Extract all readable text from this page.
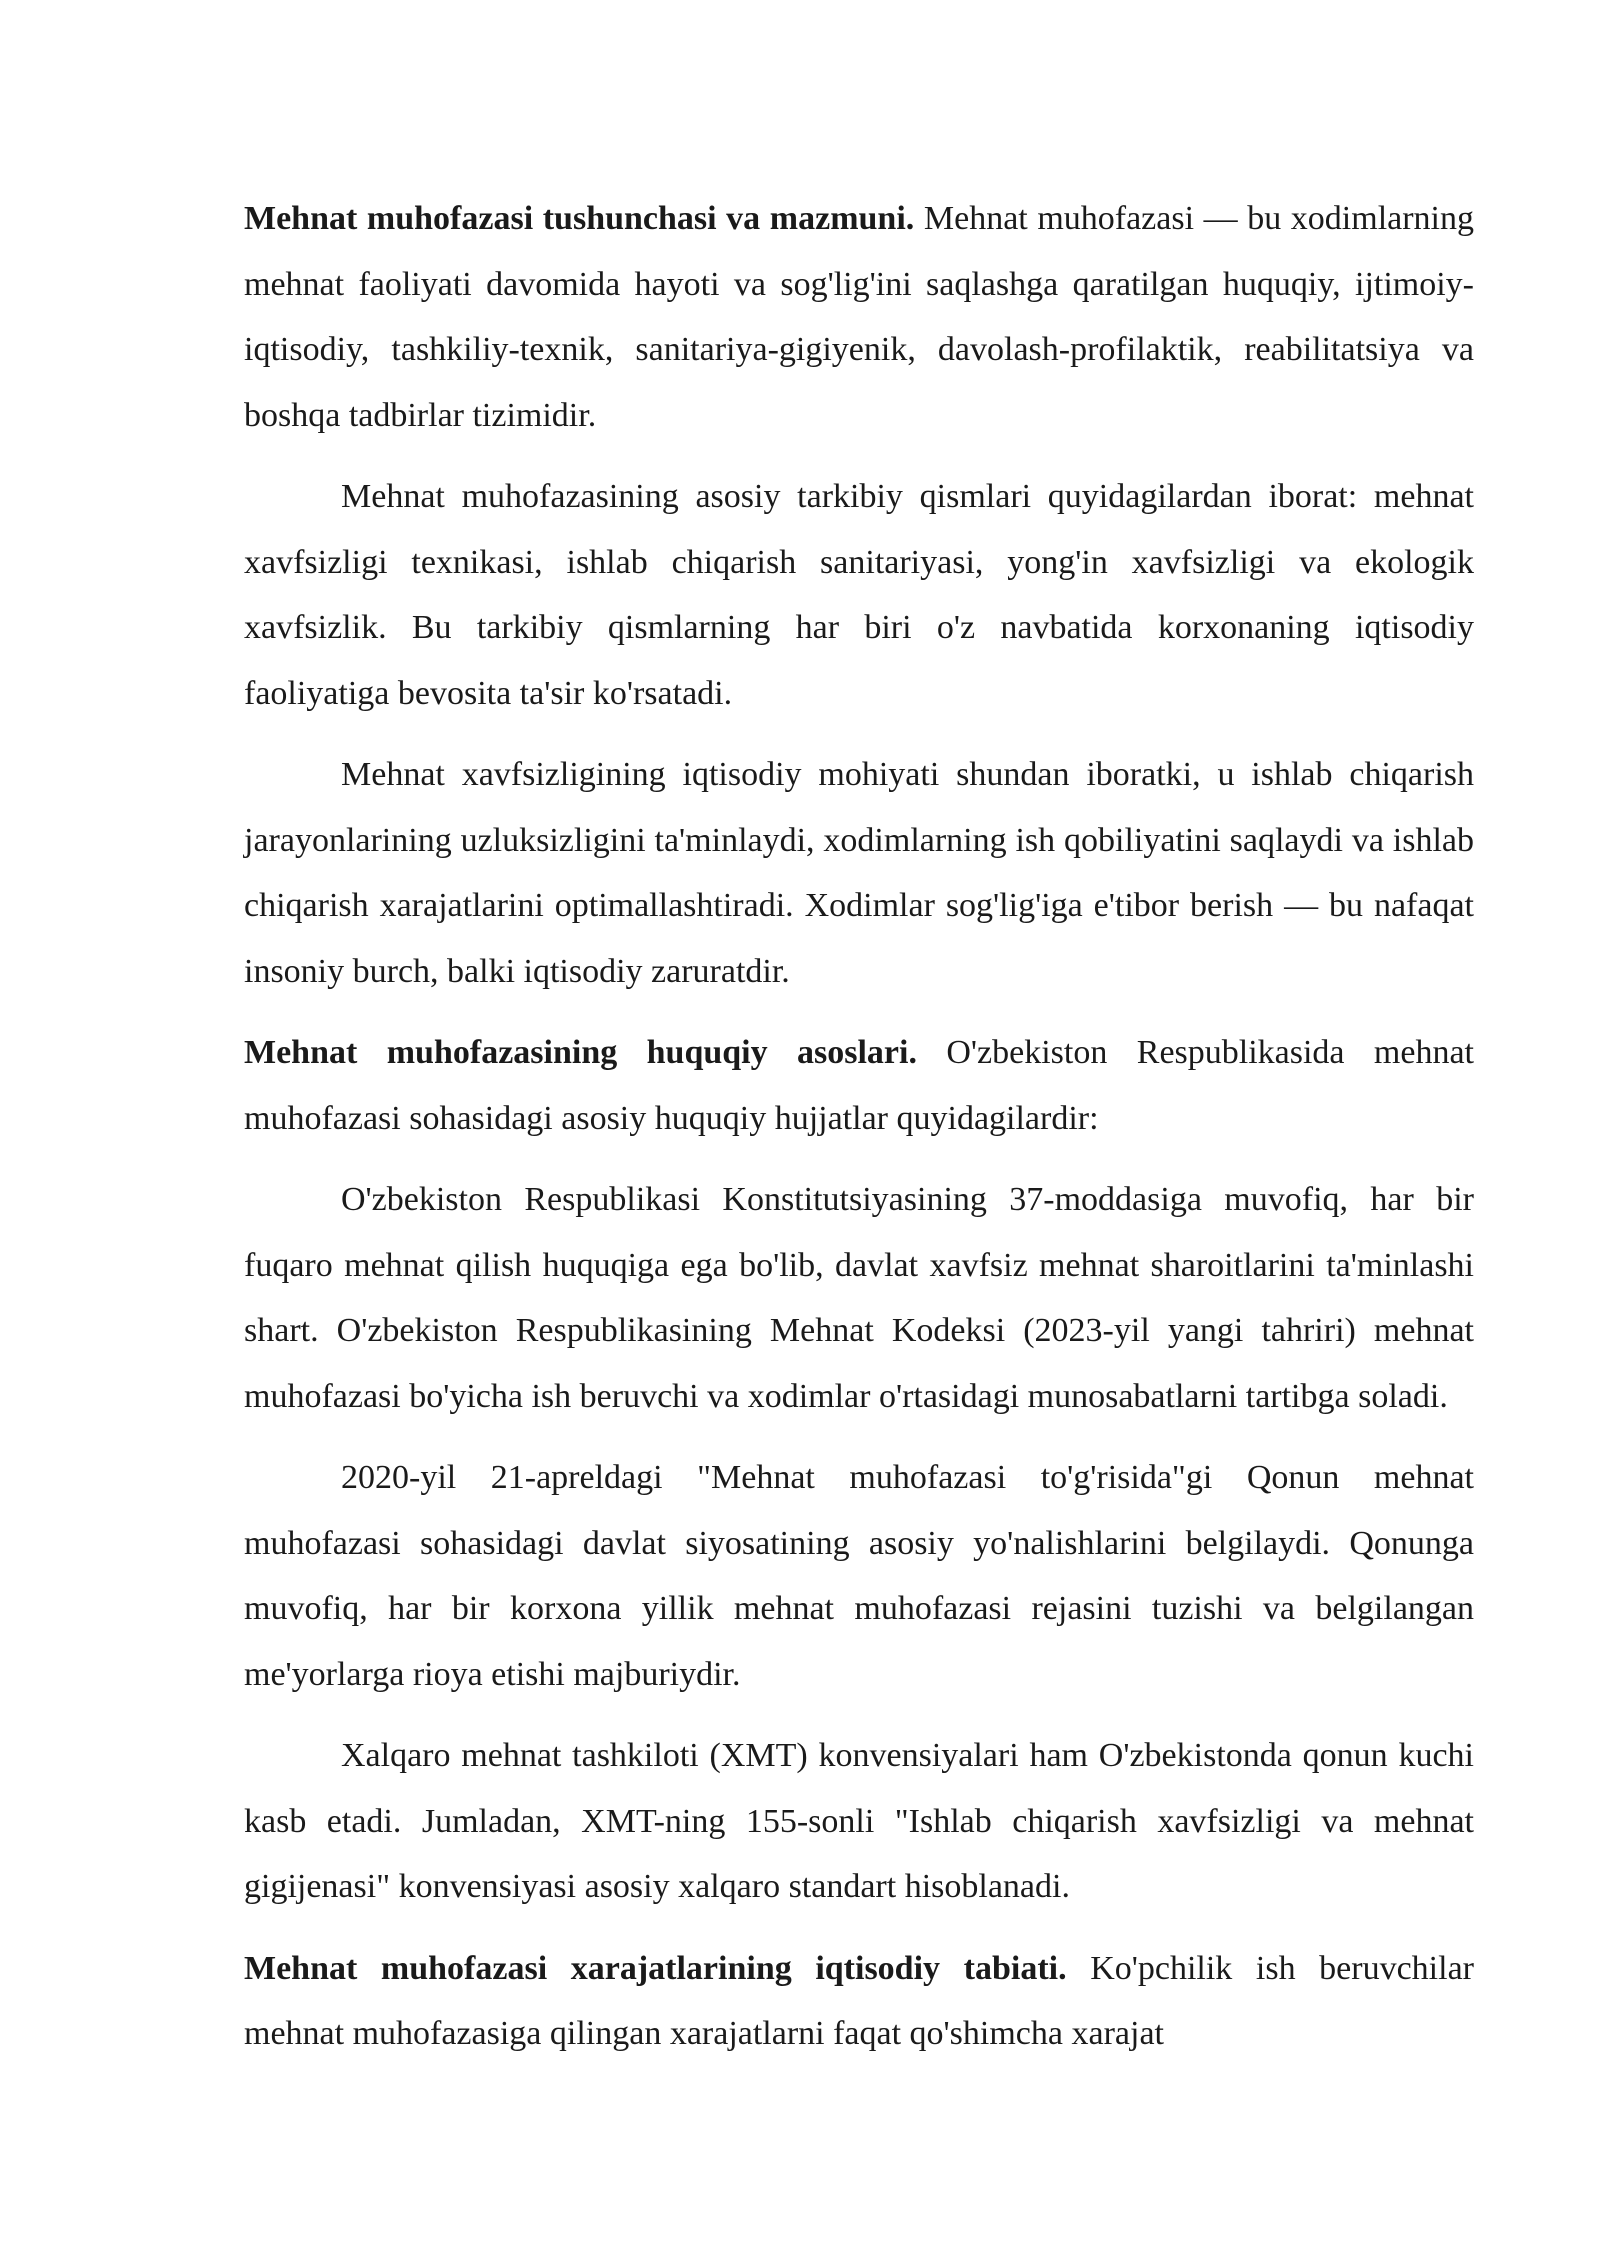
Mehnat muhofazasi tushunchasi va mazmuni. Mehnat muhofazasi — bu xodimlarning mehnat faoliyati davomida hayoti va sog'lig'ini saqlashga qaratilgan huquqiy, ijtimoiy-iqtisodiy, tashkiliy-texnik, sanitariya-gigiyenik, davolash-profilaktik, reabilitatsiya va boshqa tadbirlar tizimidir.

Mehnat muhofazasining asosiy tarkibiy qismlari quyidagilardan iborat: mehnat xavfsizligi texnikasi, ishlab chiqarish sanitariyasi, yong'in xavfsizligi va ekologik xavfsizlik. Bu tarkibiy qismlarning har biri o'z navbatida korxonaning iqtisodiy faoliyatiga bevosita ta'sir ko'rsatadi.

Mehnat xavfsizligining iqtisodiy mohiyati shundan iboratki, u ishlab chiqarish jarayonlarining uzluksizligini ta'minlaydi, xodimlarning ish qobiliyatini saqlaydi va ishlab chiqarish xarajatlarini optimallashtiradi. Xodimlar sog'lig'iga e'tibor berish — bu nafaqat insoniy burch, balki iqtisodiy zaruratdir.

Mehnat muhofazasining huquqiy asoslari. O'zbekiston Respublikasida mehnat muhofazasi sohasidagi asosiy huquqiy hujjatlar quyidagilardir:

O'zbekiston Respublikasi Konstitutsiyasining 37-moddasiga muvofiq, har bir fuqaro mehnat qilish huquqiga ega bo'lib, davlat xavfsiz mehnat sharoitlarini ta'minlashi shart. O'zbekiston Respublikasining Mehnat Kodeksi (2023-yil yangi tahriri) mehnat muhofazasi bo'yicha ish beruvchi va xodimlar o'rtasidagi munosabatlarni tartibga soladi.

2020-yil 21-apreldagi "Mehnat muhofazasi to'g'risida"gi Qonun mehnat muhofazasi sohasidagi davlat siyosatining asosiy yo'nalishlarini belgilaydi. Qonunga muvofiq, har bir korxona yillik mehnat muhofazasi rejasini tuzishi va belgilangan me'yorlarga rioya etishi majburiydir.

Xalqaro mehnat tashkiloti (XMT) konvensiyalari ham O'zbekistonda qonun kuchi kasb etadi. Jumladan, XMT-ning 155-sonli "Ishlab chiqarish xavfsizligi va mehnat gigijenasi" konvensiyasi asosiy xalqaro standart hisoblanadi.

Mehnat muhofazasi xarajatlarining iqtisodiy tabiati. Ko'pchilik ish beruvchilar mehnat muhofazasiga qilingan xarajatlarni faqat qo'shimcha xarajat
